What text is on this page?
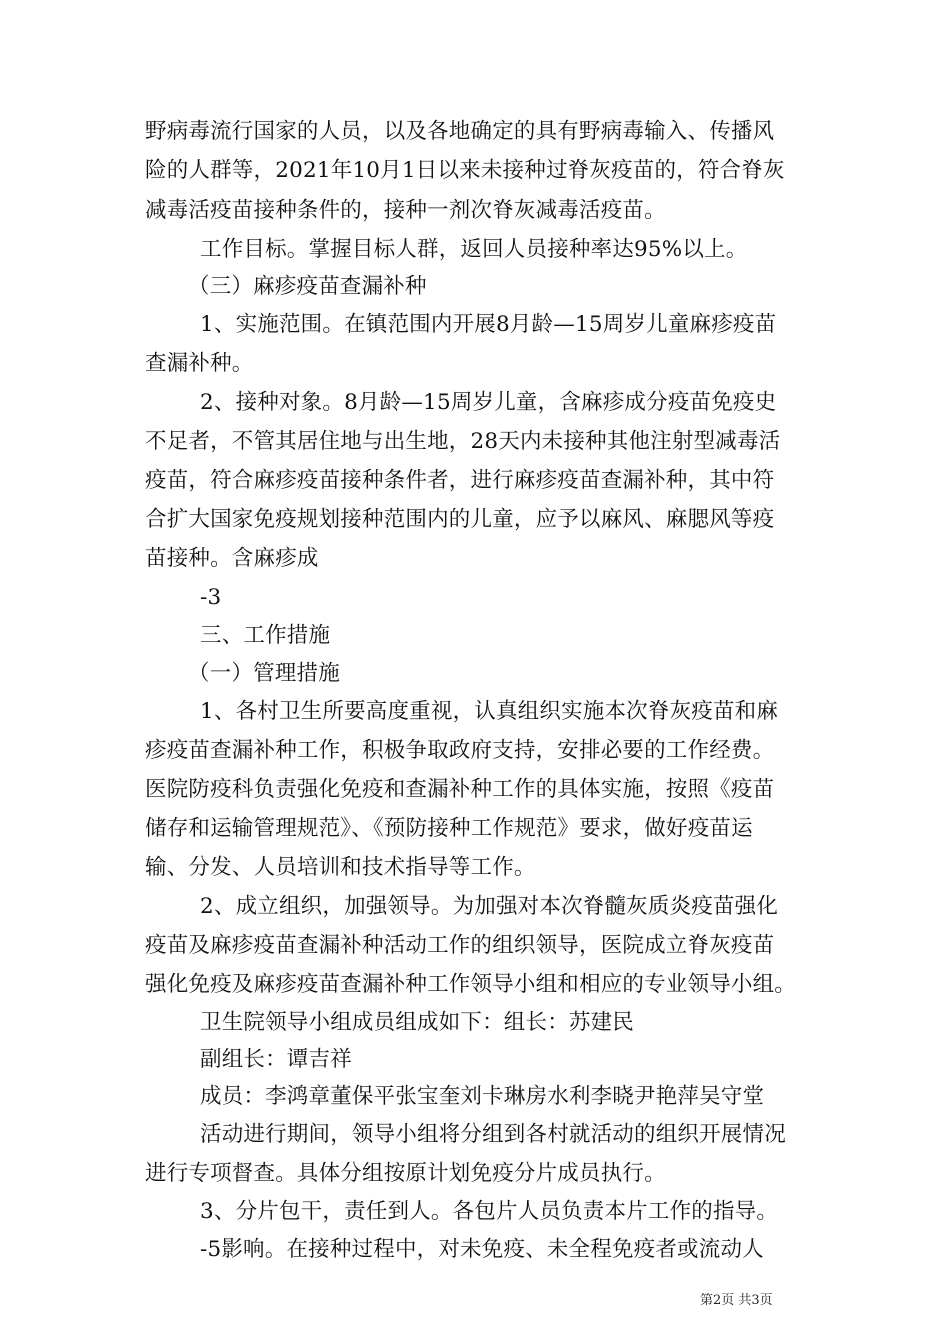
野病毒流行国家的人员，以及各地确定的具有野病毒输入、传播风
险的人群等，2021年10月1日以来未接种过脊灰疫苗的，符合脊灰
减毒活疫苗接种条件的，接种一剂次脊灰减毒活疫苗。
工作目标。掌握目标人群，返回人员接种率达95%以上。
（三）麻疹疫苗查漏补种
1、实施范围。在镇范围内开展8月龄—15周岁儿童麻疹疫苗
查漏补种。
2、接种对象。8月龄—15周岁儿童，含麻疹成分疫苗免疫史
不足者，不管其居住地与出生地，28天内未接种其他注射型减毒活
疫苗，符合麻疹疫苗接种条件者，进行麻疹疫苗查漏补种，其中符
合扩大国家免疫规划接种范围内的儿童，应予以麻风、麻腮风等疫
苗接种。含麻疹成
-3
三、工作措施
（一）管理措施
1、各村卫生所要高度重视，认真组织实施本次脊灰疫苗和麻
疹疫苗查漏补种工作，积极争取政府支持，安排必要的工作经费。
医院防疫科负责强化免疫和查漏补种工作的具体实施，按照《疫苗
储存和运输管理规范》、《预防接种工作规范》要求，做好疫苗运
输、分发、人员培训和技术指导等工作。
2、成立组织，加强领导。为加强对本次脊髓灰质炎疫苗强化
疫苗及麻疹疫苗查漏补种活动工作的组织领导，医院成立脊灰疫苗
强化免疫及麻疹疫苗查漏补种工作领导小组和相应的专业领导小组。
卫生院领导小组成员组成如下：组长：苏建民
副组长：谭吉祥
成员：李鸿章董保平张宝奎刘卡琳房水利李晓尹艳萍吴守堂
活动进行期间，领导小组将分组到各村就活动的组织开展情况
进行专项督查。具体分组按原计划免疫分片成员执行。
3、分片包干，责任到人。各包片人员负责本片工作的指导。
-5影响。在接种过程中，对未免疫、未全程免疫者或流动人
第2页 共3页
